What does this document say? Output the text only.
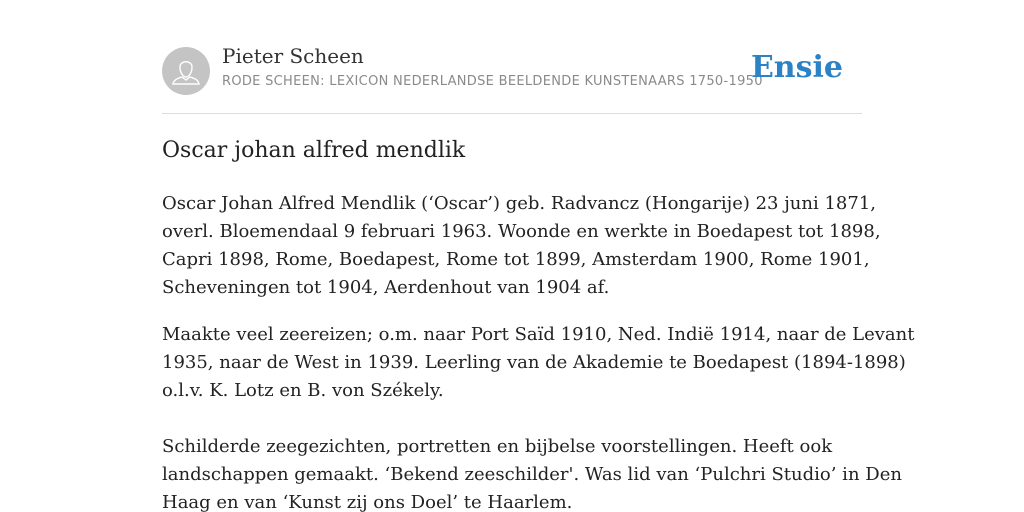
Pieter Scheen
RODE SCHEEN: LEXICON NEDERLANDSE BEELDENDE KUNSTENAARS 1750-1950
Ensie
Oscar johan alfred mendlik

Oscar Johan Alfred Mendlik (‘Oscar’) geb. Radvancz (Hongarije) 23 juni 1871,
overl. Bloemendaal 9 februari 1963. Woonde en werkte in Boedapest tot 1898,
Capri 1898, Rome, Boedapest, Rome tot 1899, Amsterdam 1900, Rome 1901,
Scheveningen tot 1904, Aerdenhout van 1904 af.

Maakte veel zeereizen; o.m. naar Port Saïd 1910, Ned. Indië 1914, naar de Levant
1935, naar de West in 1939. Leerling van de Akademie te Boedapest (1894-1898)
o.l.v. K. Lotz en B. von Székely.

Schilderde zeegezichten, portretten en bijbelse voorstellingen. Heeft ook
landschappen gemaakt. ‘Bekend zeeschilder'. Was lid van ‘Pulchri Studio’ in Den
Haag en van ‘Kunst zij ons Doel’ te Haarlem.
